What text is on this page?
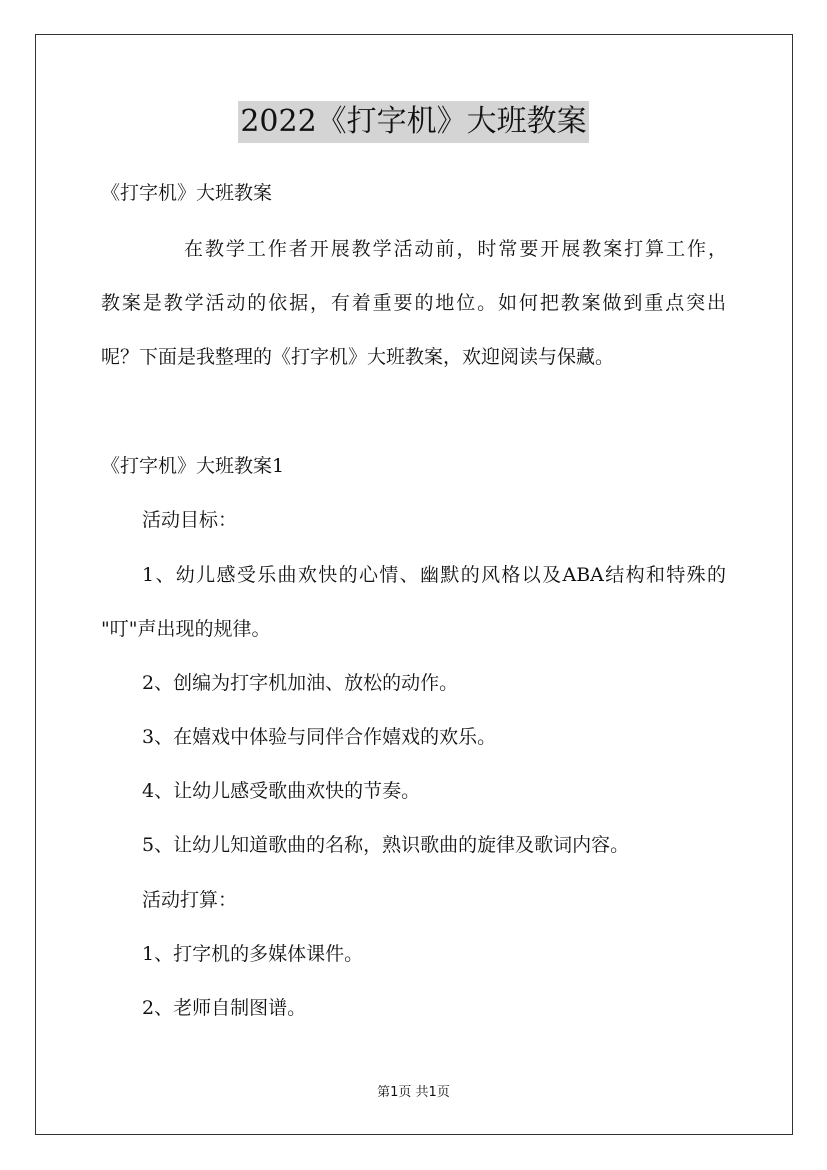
2022《打字机》大班教案

《打字机》大班教案

在教学工作者开展教学活动前，时常要开展教案打算工作，

教案是教学活动的依据，有着重要的地位。如何把教案做到重点突出

呢？下面是我整理的《打字机》大班教案，欢迎阅读与保藏。

《打字机》大班教案1

活动目标：

1、幼儿感受乐曲欢快的心情、幽默的风格以及ABA结构和特殊的

"叮"声出现的规律。

2、创编为打字机加油、放松的动作。

3、在嬉戏中体验与同伴合作嬉戏的欢乐。

4、让幼儿感受歌曲欢快的节奏。

5、让幼儿知道歌曲的名称，熟识歌曲的旋律及歌词内容。

活动打算：

1、打字机的多媒体课件。

2、老师自制图谱。

第1页 共1页
